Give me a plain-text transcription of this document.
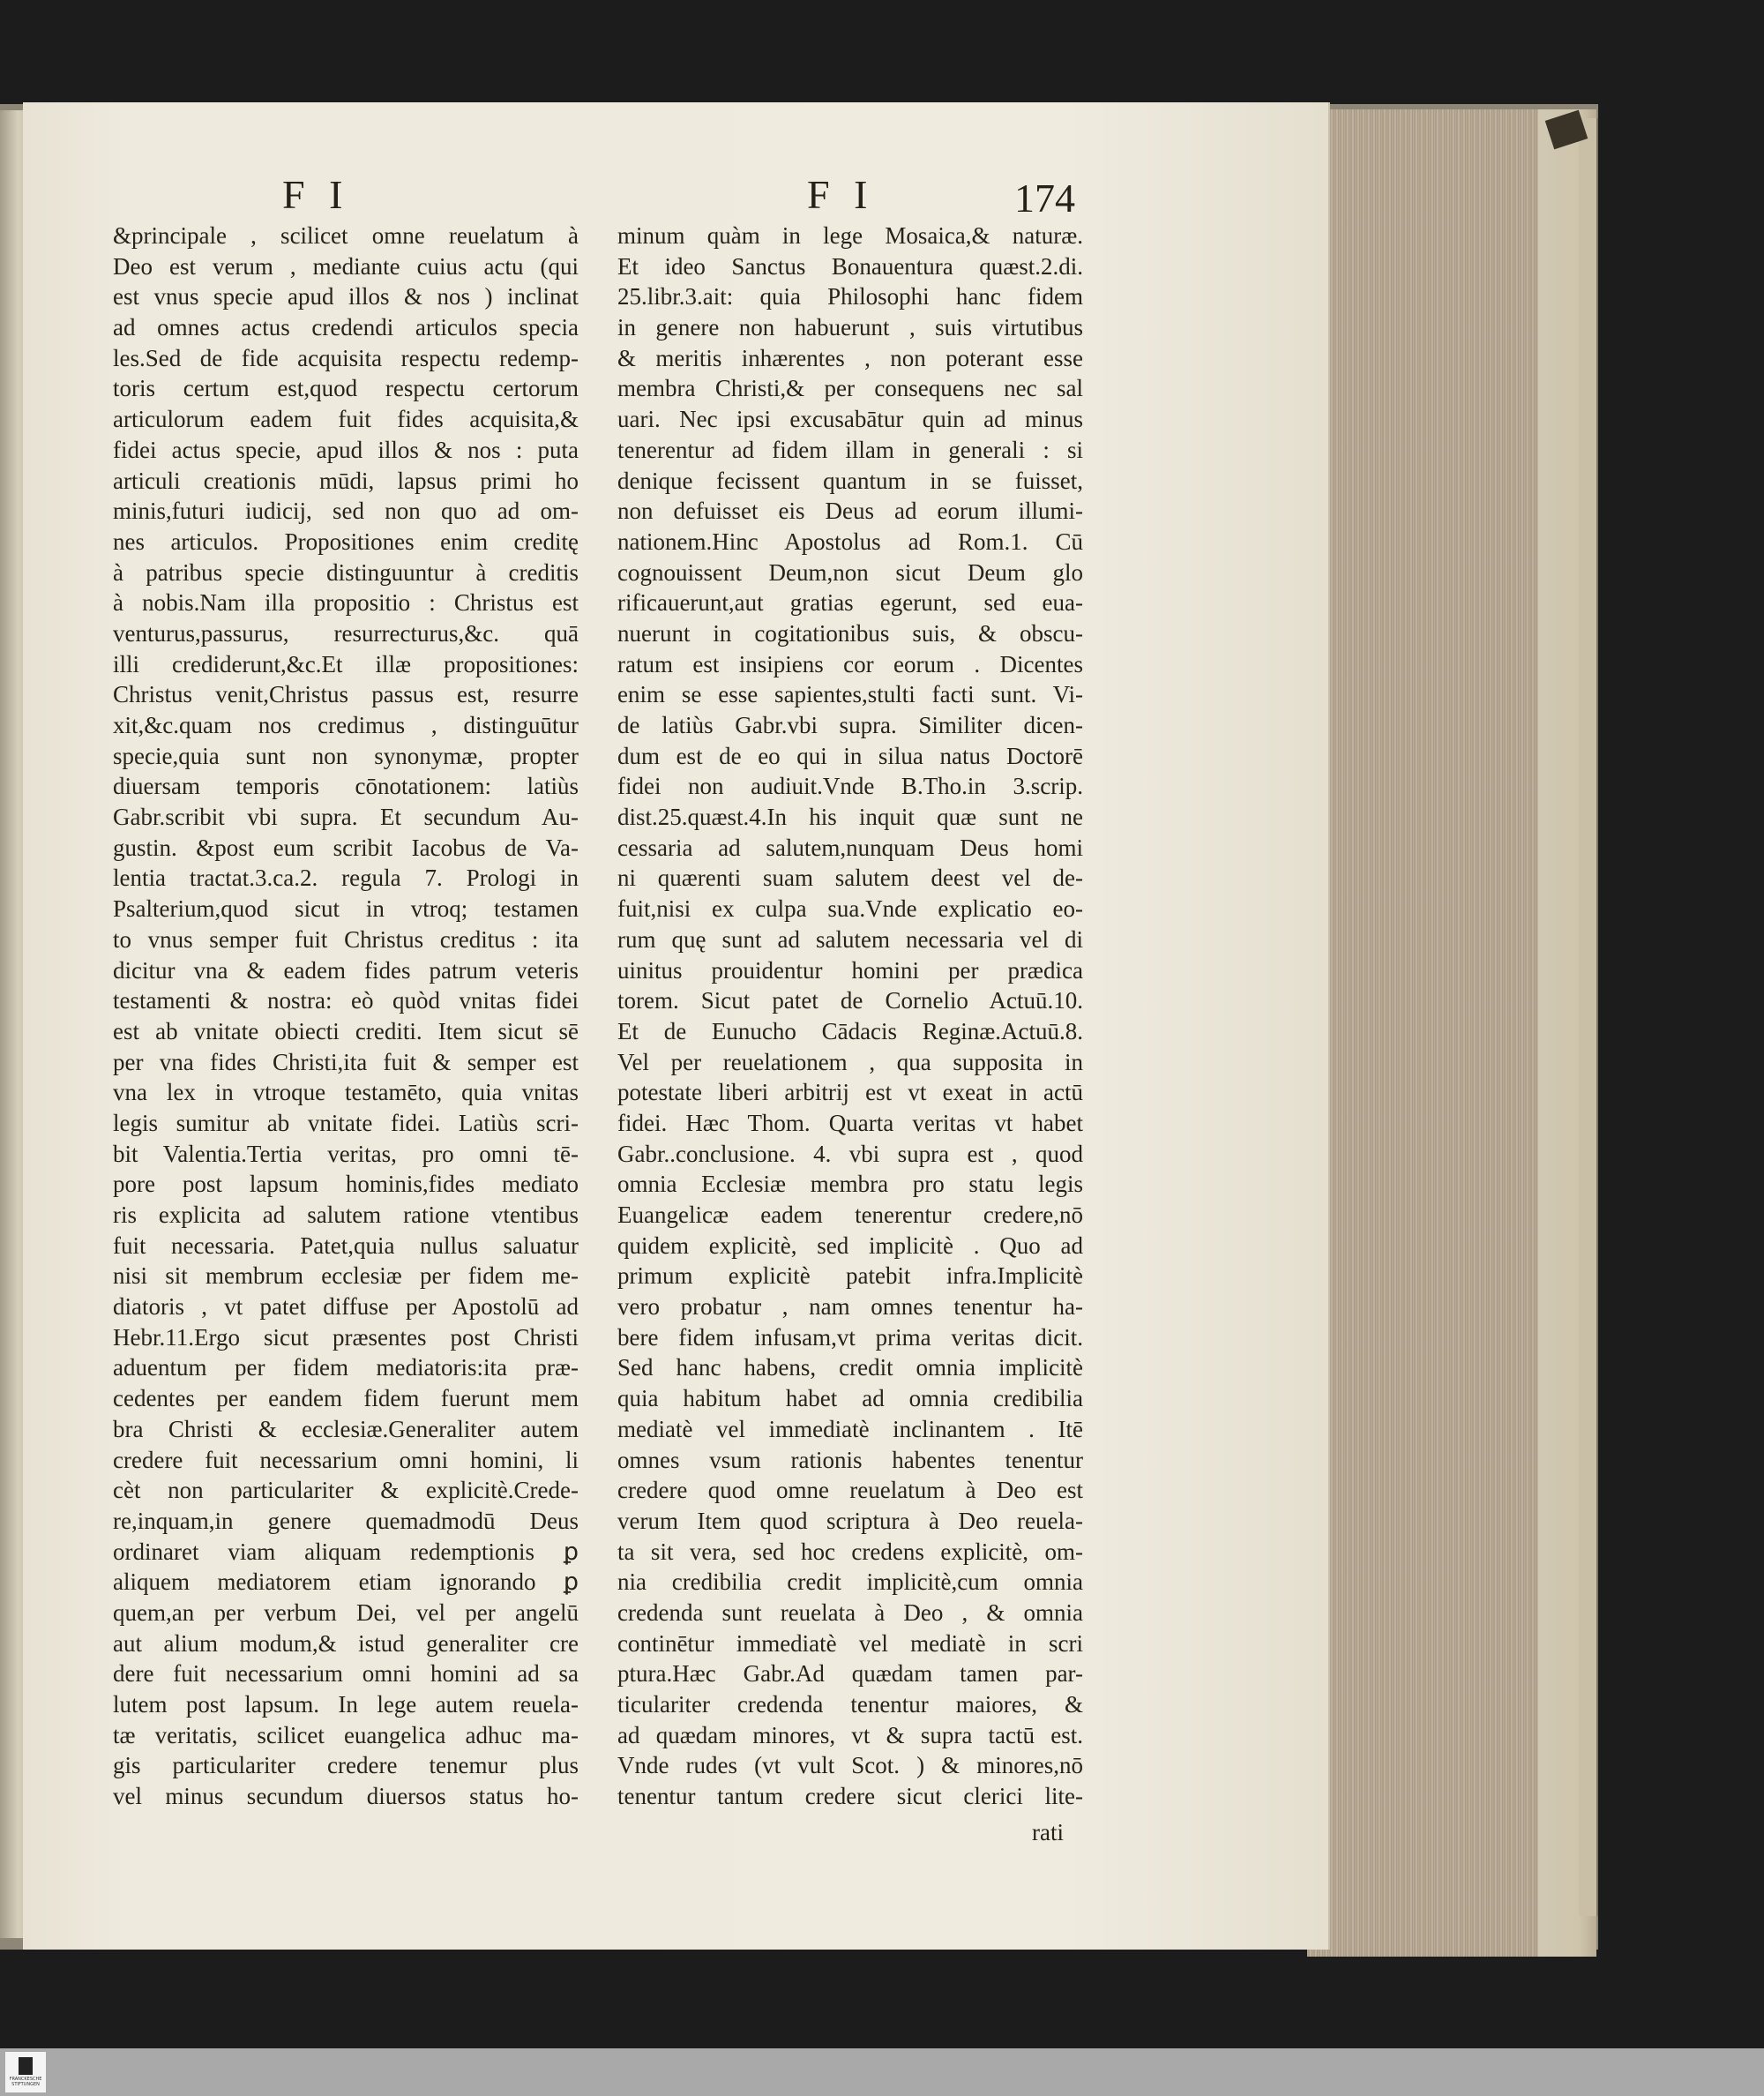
FRANCKESCHE STIFTUNGEN
F I	F I	174
&principale , scilicet omne reuelatum à
Deo est verum , mediante cuius actu (qui
est vnus specie apud illos & nos ) inclinat
ad omnes actus credendi articulos specia
les.Sed de fide acquisita respectu redemp-
toris certum est,quod respectu certorum
articulorum eadem fuit fides acquisita,&
fidei actus specie, apud illos & nos : puta
articuli creationis mūdi, lapsus primi ho
minis,futuri iudicij, sed non quo ad om-
nes articulos. Propositiones enim creditę
à patribus specie distinguuntur à creditis
à nobis.Nam illa propositio : Christus est
venturus,passurus, resurrecturus,&c. quā
illi crediderunt,&c.Et illæ propositiones:
Christus venit,Christus passus est, resurre
xit,&c.quam nos credimus , distinguūtur
specie,quia sunt non synonymæ, propter
diuersam temporis cōnotationem: latiùs
Gabr.scribit vbi supra. Et secundum Au-
gustin. &post eum scribit Iacobus de Va-
lentia tractat.3.ca.2. regula 7. Prologi in
Psalterium,quod sicut in vtroq; testamen
to vnus semper fuit Christus creditus : ita
dicitur vna & eadem fides patrum veteris
testamenti & nostra: eò quòd vnitas fidei
est ab vnitate obiecti crediti. Item sicut sē
per vna fides Christi,ita fuit & semper est
vna lex in vtroque testamēto, quia vnitas
legis sumitur ab vnitate fidei. Latiùs scri-
bit Valentia.Tertia veritas, pro omni tē-
pore post lapsum hominis,fides mediato
ris explicita ad salutem ratione vtentibus
fuit necessaria. Patet,quia nullus saluatur
nisi sit membrum ecclesiæ per fidem me-
diatoris , vt patet diffuse per Apostolū ad
Hebr.11.Ergo sicut præsentes post Christi
aduentum per fidem mediatoris:ita præ-
cedentes per eandem fidem fuerunt mem
bra Christi & ecclesiæ.Generaliter autem
credere fuit necessarium omni homini, li
cèt non particulariter & explicitè.Crede-
re,inquam,in genere quemadmodū Deus
ordinaret viam aliquam redemptionis ꝑ
aliquem mediatorem etiam ignorando ꝑ
quem,an per verbum Dei, vel per angelū
aut alium modum,& istud generaliter cre
dere fuit necessarium omni homini ad sa
lutem post lapsum. In lege autem reuela-
tæ veritatis, scilicet euangelica adhuc ma-
gis particulariter credere tenemur plus
vel minus secundum diuersos status ho-
minum quàm in lege Mosaica,& naturæ.
Et ideo Sanctus Bonauentura quæst.2.di.
25.libr.3.ait: quia Philosophi hanc fidem
in genere non habuerunt , suis virtutibus
& meritis inhærentes , non poterant esse
membra Christi,& per consequens nec sal
uari. Nec ipsi excusabātur quin ad minus
tenerentur ad fidem illam in generali : si
denique fecissent quantum in se fuisset,
non defuisset eis Deus ad eorum illumi-
nationem.Hinc Apostolus ad Rom.1. Cū
cognouissent Deum,non sicut Deum glo
rificauerunt,aut gratias egerunt, sed eua-
nuerunt in cogitationibus suis, & obscu-
ratum est insipiens cor eorum . Dicentes
enim se esse sapientes,stulti facti sunt. Vi-
de latiùs Gabr.vbi supra. Similiter dicen-
dum est de eo qui in silua natus Doctorē
fidei non audiuit.Vnde B.Tho.in 3.scrip.
dist.25.quæst.4.In his inquit quæ sunt ne
cessaria ad salutem,nunquam Deus homi
ni quærenti suam salutem deest vel de-
fuit,nisi ex culpa sua.Vnde explicatio eo-
rum quę sunt ad salutem necessaria vel di
uinitus prouidentur homini per prædica
torem. Sicut patet de Cornelio Actuū.10.
Et de Eunucho Cādacis Reginæ.Actuū.8.
Vel per reuelationem , qua supposita in
potestate liberi arbitrij est vt exeat in actū
fidei. Hæc Thom. Quarta veritas vt habet
Gabr..conclusione. 4. vbi supra est , quod
omnia Ecclesiæ membra pro statu legis
Euangelicæ eadem tenerentur credere,nō
quidem explicitè, sed implicitè . Quo ad
primum explicitè patebit infra.Implicitè
vero probatur , nam omnes tenentur ha-
bere fidem infusam,vt prima veritas dicit.
Sed hanc habens, credit omnia implicitè
quia habitum habet ad omnia credibilia
mediatè vel immediatè inclinantem . Itē
omnes vsum rationis habentes tenentur
credere quod omne reuelatum à Deo est
verum Item quod scriptura à Deo reuela-
ta sit vera, sed hoc credens explicitè, om-
nia credibilia credit implicitè,cum omnia
credenda sunt reuelata à Deo , & omnia
continētur immediatè vel mediatè in scri
ptura.Hæc Gabr.Ad quædam tamen par-
ticulariter credenda tenentur maiores, &
ad quædam minores, vt & supra tactū est.
Vnde rudes (vt vult Scot. ) & minores,nō
tenentur tantum credere sicut clerici lite-
rati
